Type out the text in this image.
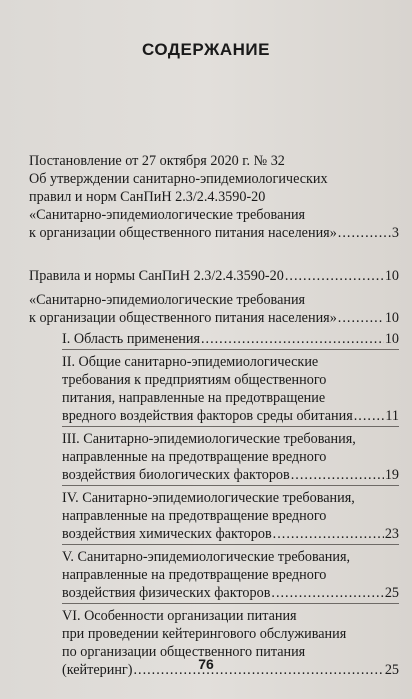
СОДЕРЖАНИЕ
Постановление от 27 октября 2020 г. № 32
Об утверждении санитарно-эпидемиологических
правил и норм СанПиН 2.3/2.4.3590-20
«Санитарно-эпидемиологические требования
к организации общественного питания населения» .....	3
Правила и нормы СанПиН 2.3/2.4.3590-20 .....	10
«Санитарно-эпидемиологические требования
к организации общественного питания населения» .....	10
I. Область применения .....	10
II. Общие санитарно-эпидемиологические
требования к предприятиям общественного
питания, направленные на предотвращение
вредного воздействия факторов среды обитания ..... 11
III. Санитарно-эпидемиологические требования,
направленные на предотвращение вредного
воздействия биологических факторов .....	19
IV. Санитарно-эпидемиологические требования,
направленные на предотвращение вредного
воздействия химических факторов .....	23
V. Санитарно-эпидемиологические требования,
направленные на предотвращение вредного
воздействия физических факторов .....	25
VI. Особенности организации питания
при проведении кейтерингового обслуживания
по организации общественного питания
(кейтеринг) .....	25
76
